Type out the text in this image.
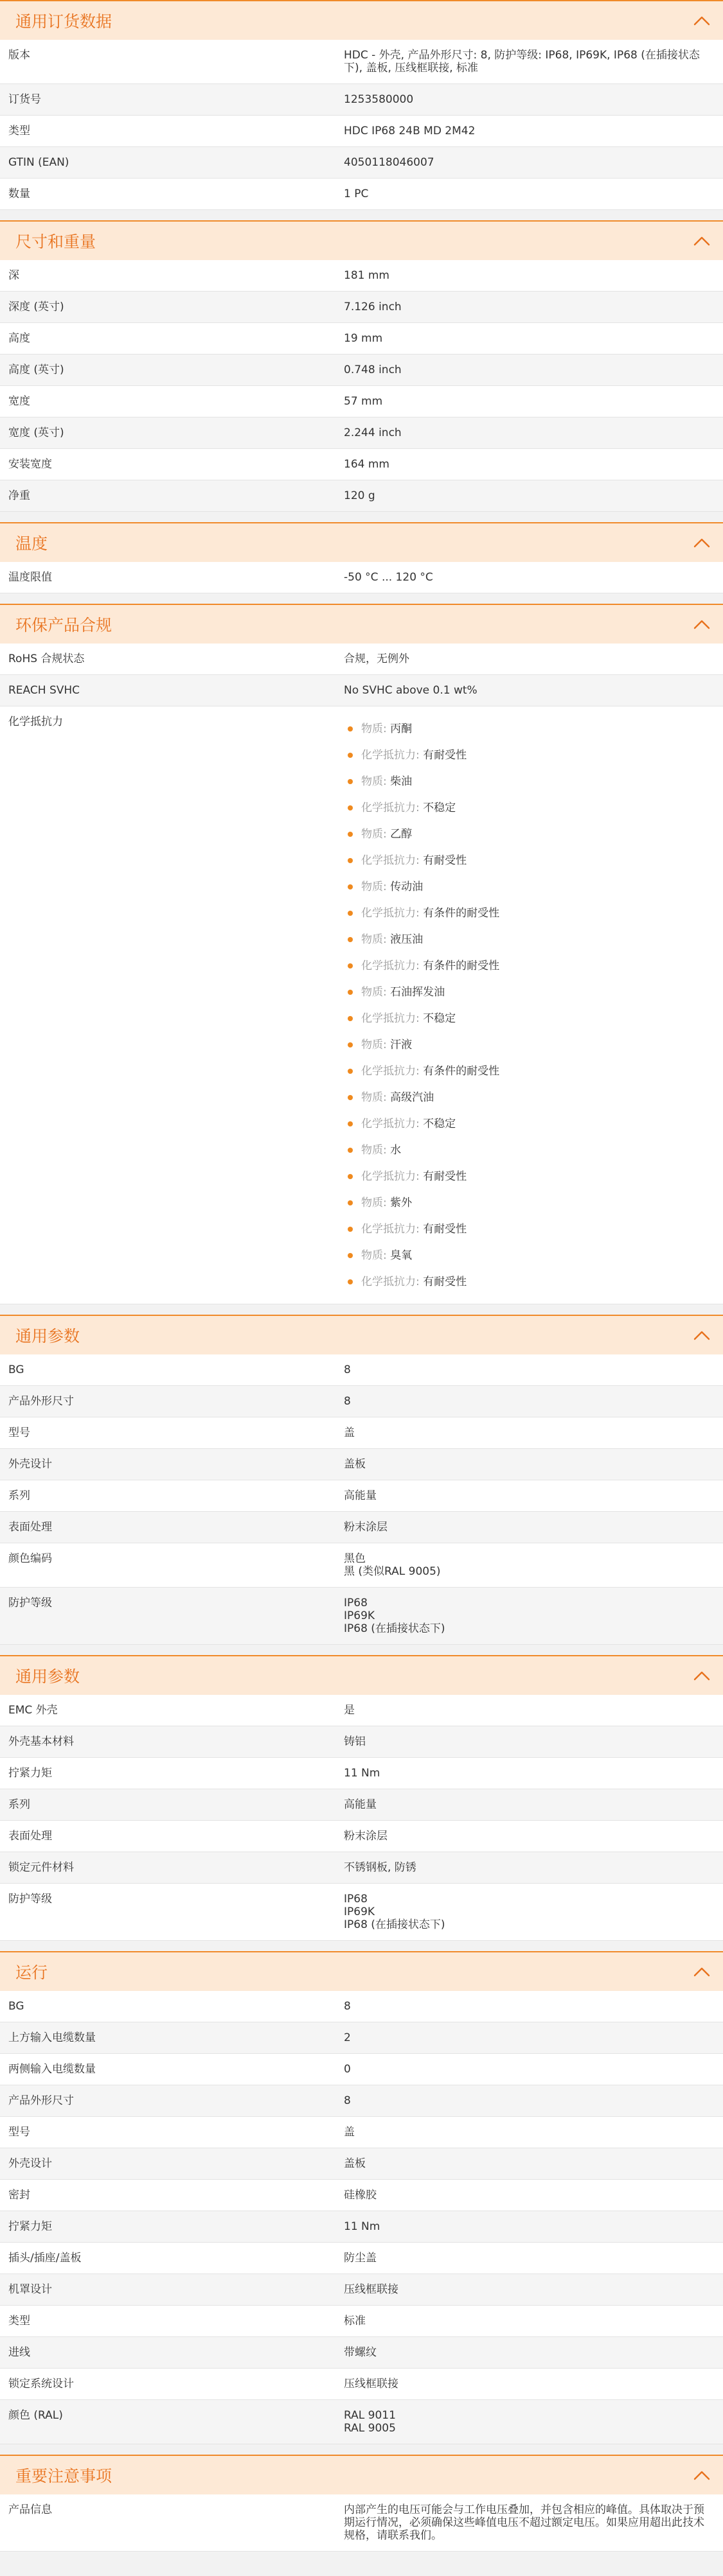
通用订货数据
版本	HDC - 外壳, 产品外形尺寸: 8, 防护等级: IP68, IP69K, IP68 (在插接状态下), 盖板, 压线框联接, 标准
订货号	1253580000
类型	HDC IP68 24B MD 2M42
GTIN (EAN)	4050118046007
数量	1 PC
尺寸和重量
深	181 mm
深度 (英寸)	7.126 inch
高度	19 mm
高度 (英寸)	0.748 inch
宽度	57 mm
宽度 (英寸)	2.244 inch
安装宽度	164 mm
净重	120 g
温度
温度限值	-50 °C ... 120 °C
环保产品合规
RoHS 合规状态	合规，无例外
REACH SVHC	No SVHC above 0.1 wt%
化学抵抗力
物质:
丙酮
化学抵抗力:
有耐受性
物质:
柴油
化学抵抗力:
不稳定
物质:
乙醇
化学抵抗力:
有耐受性
物质:
传动油
化学抵抗力:
有条件的耐受性
物质:
液压油
化学抵抗力:
有条件的耐受性
物质:
石油挥发油
化学抵抗力:
不稳定
物质:
汗液
化学抵抗力:
有条件的耐受性
物质:
高级汽油
化学抵抗力:
不稳定
物质:
水
化学抵抗力:
有耐受性
物质:
紫外
化学抵抗力:
有耐受性
物质:
臭氧
化学抵抗力:
有耐受性
通用参数
BG	8
产品外形尺寸	8
型号	盖
外壳设计	盖板
系列	高能量
表面处理	粉末涂层
颜色编码	黑色
黑 (类似RAL 9005)
防护等级	IP68
IP69K
IP68 (在插接状态下)
通用参数
EMC 外壳	是
外壳基本材料	铸铝
拧紧力矩	11 Nm
系列	高能量
表面处理	粉末涂层
锁定元件材料	不锈钢板, 防锈
防护等级	IP68
IP69K
IP68 (在插接状态下)
运行
BG	8
上方输入电缆数量	2
两侧输入电缆数量	0
产品外形尺寸	8
型号	盖
外壳设计	盖板
密封	硅橡胶
拧紧力矩	11 Nm
插头/插座/盖板	防尘盖
机罩设计	压线框联接
类型	标准
进线	带螺纹
锁定系统设计	压线框联接
颜色 (RAL)	RAL 9011
RAL 9005
重要注意事项
产品信息	内部产生的电压可能会与工作电压叠加，并包含相应的峰值。具体取决于预期运行情况，必须确保这些峰值电压不超过额定电压。如果应用超出此技术规格，请联系我们。
